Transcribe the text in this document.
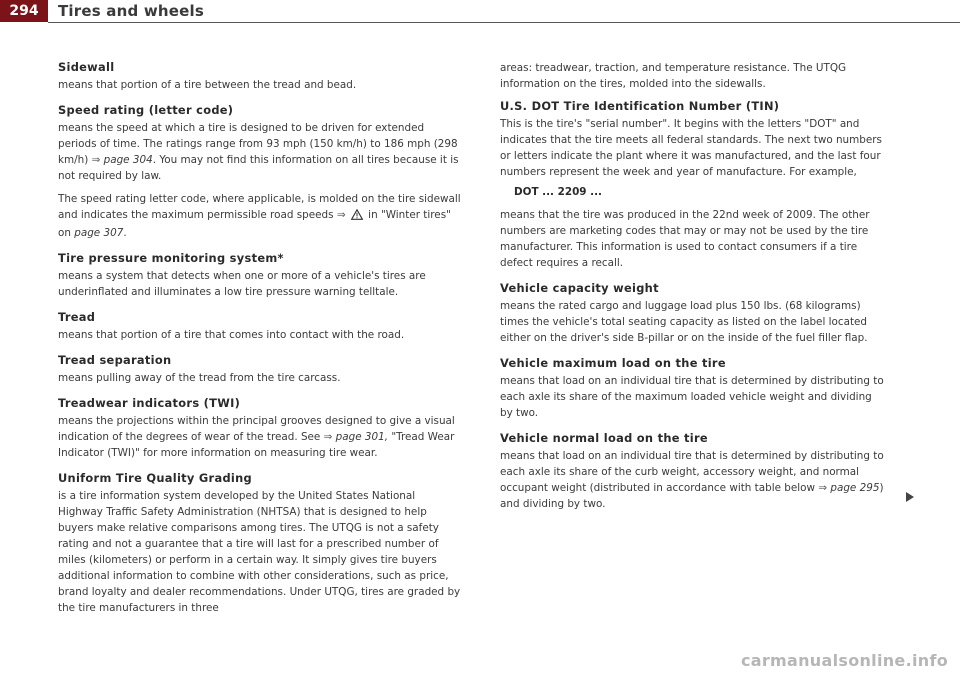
294	Tires and wheels
Sidewall

means that portion of a tire between the tread and bead.

Speed rating (letter code)

means the speed at which a tire is designed to be driven for extended periods of time. The ratings range from 93 mph (150 km/h) to 186 mph (298 km/h) ⇒ page 304. You may not find this information on all tires because it is not required by law.

The speed rating letter code, where applicable, is molded on the tire sidewall and indicates the maximum permissible road speeds ⇒  in "Winter tires" on page 307.

Tire pressure monitoring system*

means a system that detects when one or more of a vehicle's tires are underinflated and illuminates a low tire pressure warning telltale.

Tread

means that portion of a tire that comes into contact with the road.

Tread separation

means pulling away of the tread from the tire carcass.

Treadwear indicators (TWI)

means the projections within the principal grooves designed to give a visual indication of the degrees of wear of the tread. See ⇒ page 301, "Tread Wear Indicator (TWI)" for more information on measuring tire wear.

Uniform Tire Quality Grading

is a tire information system developed by the United States National Highway Traffic Safety Administration (NHTSA) that is designed to help buyers make relative comparisons among tires. The UTQG is not a safety rating and not a guarantee that a tire will last for a prescribed number of miles (kilometers) or perform in a certain way. It simply gives tire buyers additional information to combine with other considerations, such as price, brand loyalty and dealer recommendations. Under UTQG, tires are graded by the tire manufacturers in three

areas: treadwear, traction, and temperature resistance. The UTQG information on the tires, molded into the sidewalls.

U.S. DOT Tire Identification Number (TIN)

This is the tire's "serial number". It begins with the letters "DOT" and indicates that the tire meets all federal standards. The next two numbers or letters indicate the plant where it was manufactured, and the last four numbers represent the week and year of manufacture. For example,

DOT ... 2209 ...

means that the tire was produced in the 22nd week of 2009. The other numbers are marketing codes that may or may not be used by the tire manufacturer. This information is used to contact consumers if a tire defect requires a recall.

Vehicle capacity weight

means the rated cargo and luggage load plus 150 lbs. (68 kilograms) times the vehicle's total seating capacity as listed on the label located either on the driver's side B-pillar or on the inside of the fuel filler flap.

Vehicle maximum load on the tire

means that load on an individual tire that is determined by distributing to each axle its share of the maximum loaded vehicle weight and dividing by two.

Vehicle normal load on the tire

means that load on an individual tire that is determined by distributing to each axle its share of the curb weight, accessory weight, and normal occupant weight (distributed in accordance with table below ⇒ page 295) and dividing by two.

carmanualsonline.info
